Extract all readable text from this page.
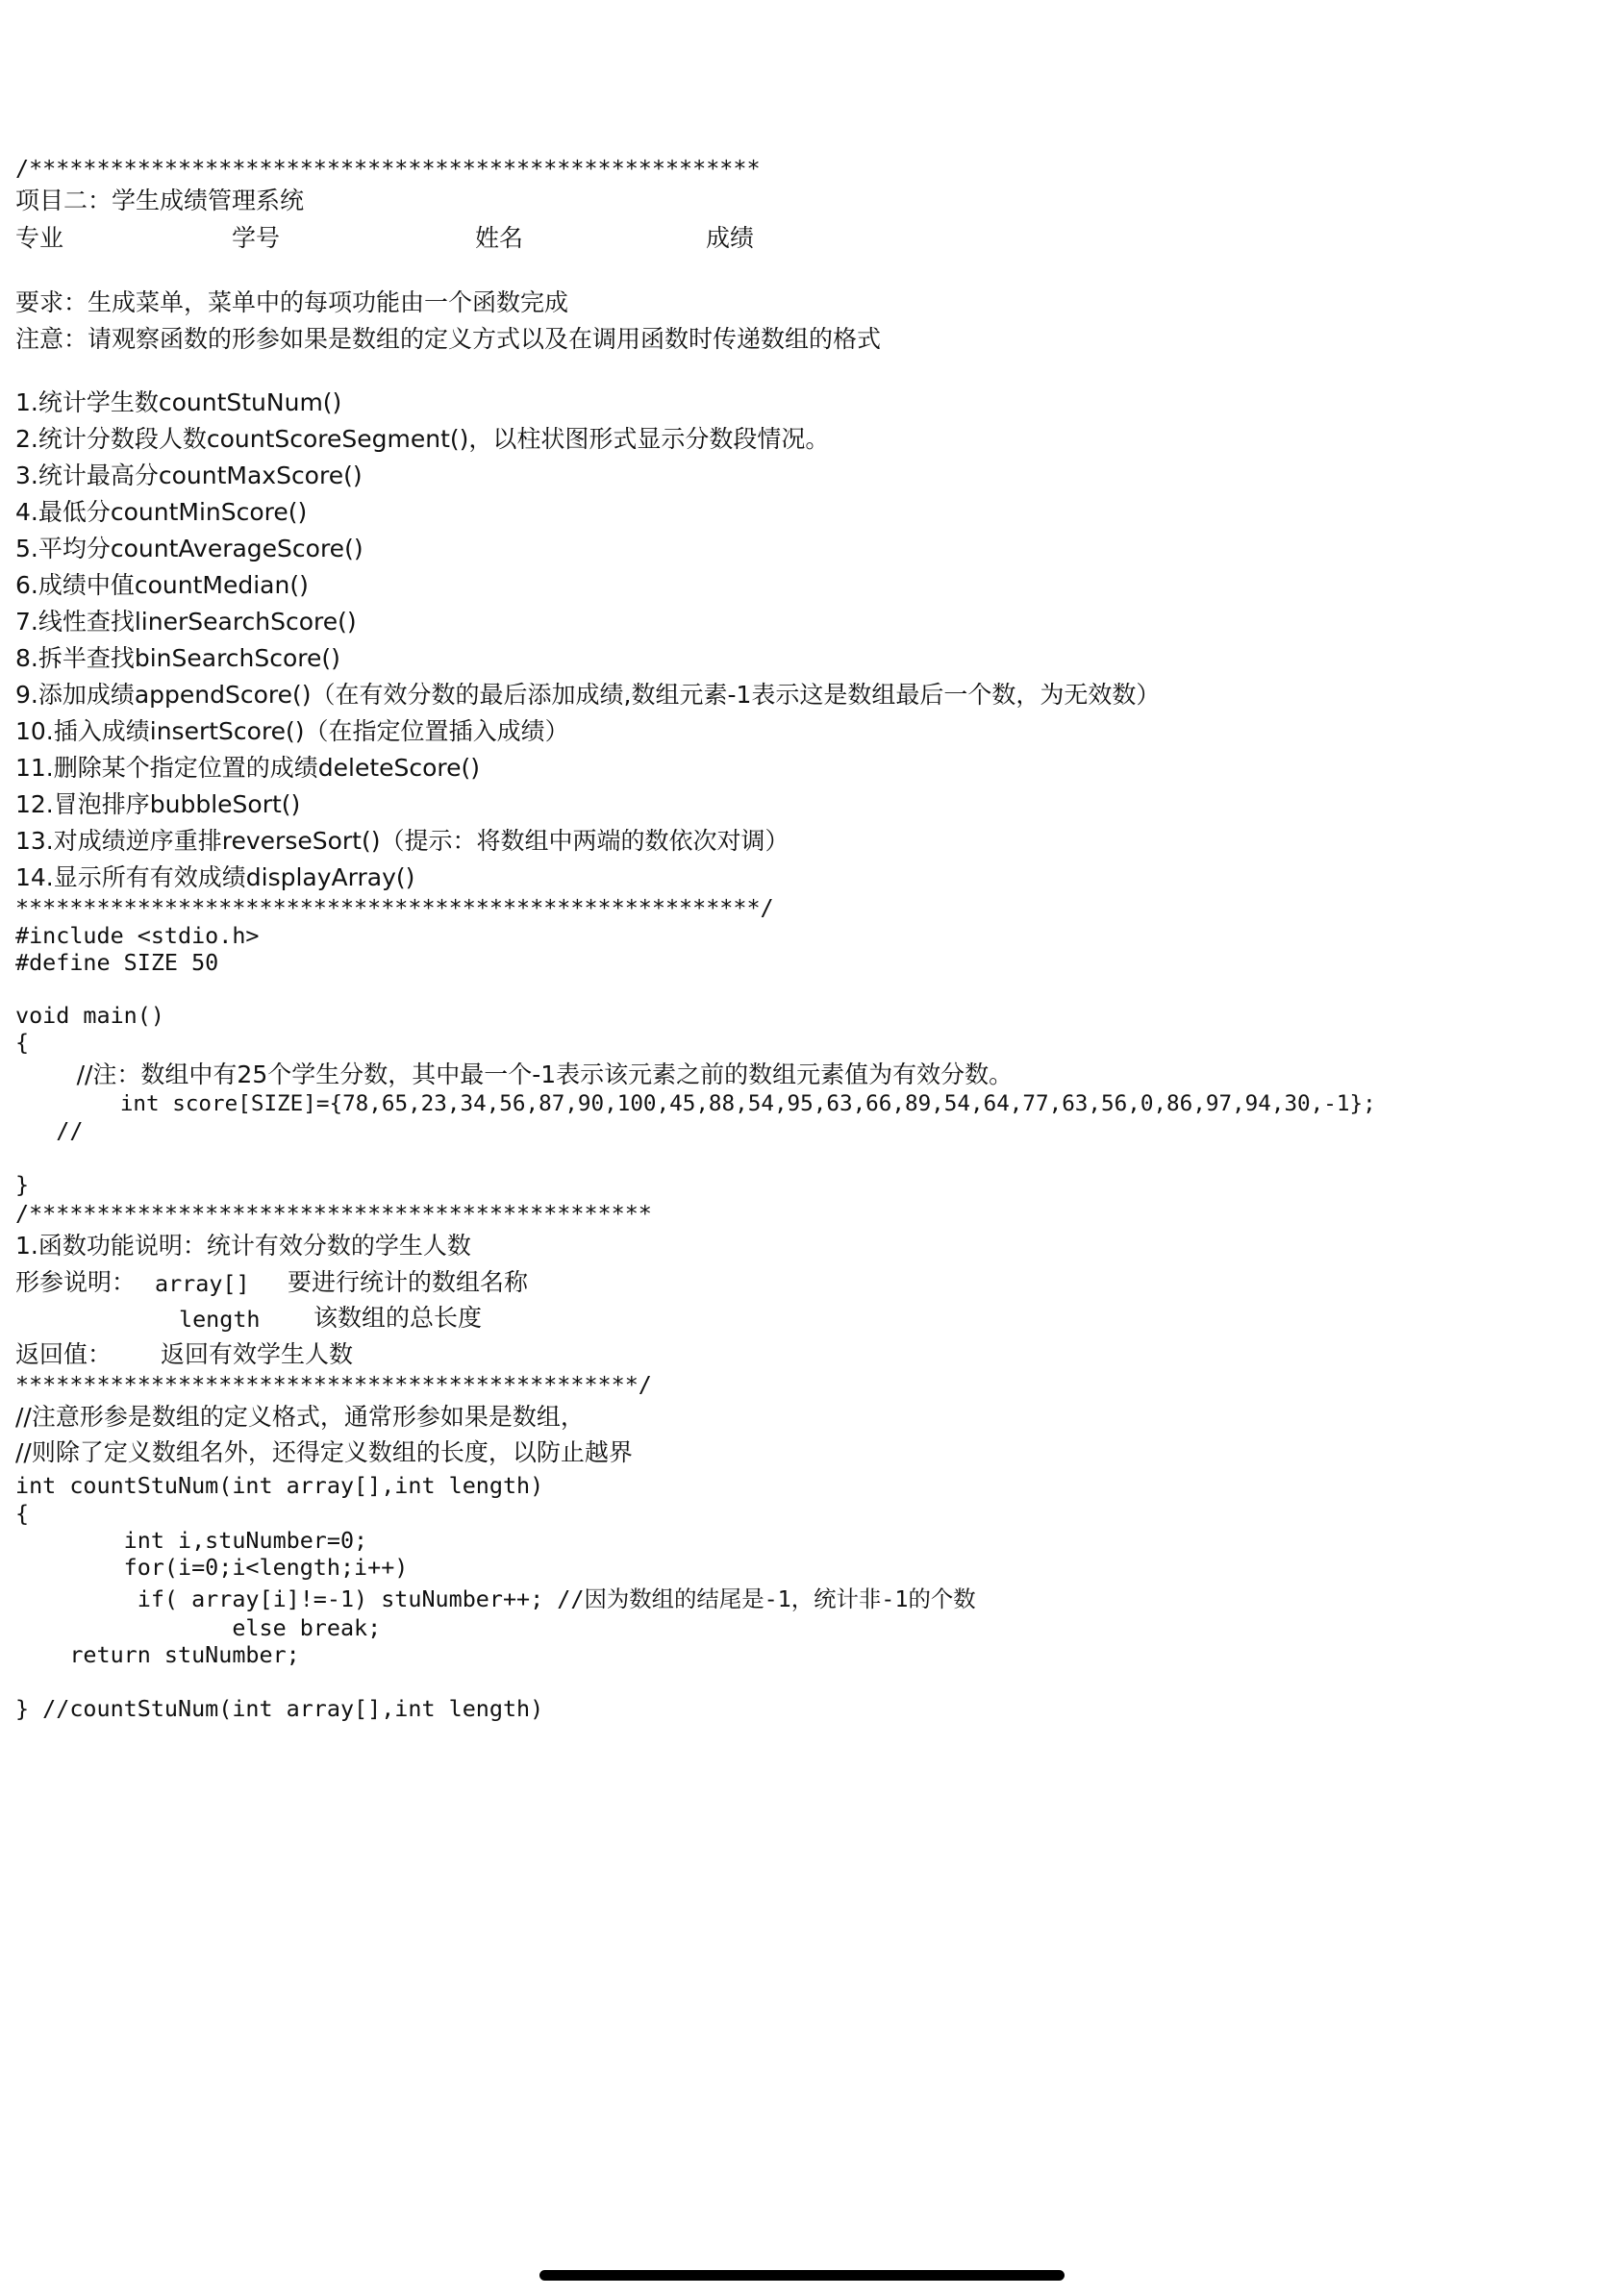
/******************************************************
项目二：学生成绩管理系统
专业	学号	姓名	成绩
要求：生成菜单，菜单中的每项功能由一个函数完成
注意：请观察函数的形参如果是数组的定义方式以及在调用函数时传递数组的格式
1.统计学生数countStuNum()
2.统计分数段人数countScoreSegment()，以柱状图形式显示分数段情况。
3.统计最高分countMaxScore()
4.最低分countMinScore()
5.平均分countAverageScore()
6.成绩中值countMedian()
7.线性查找linerSearchScore()
8.拆半查找binSearchScore()
9.添加成绩appendScore()（在有效分数的最后添加成绩,数组元素-1表示这是数组最后一个数，为无效数）
10.插入成绩insertScore()（在指定位置插入成绩）
11.删除某个指定位置的成绩deleteScore()
12.冒泡排序bubbleSort()
13.对成绩逆序重排reverseSort()（提示：将数组中两端的数依次对调）
14.显示所有有效成绩displayArray()
*******************************************************/
#include <stdio.h>
#define SIZE 50
void main()
{
//注：数组中有25个学生分数，其中最一个-1表示该元素之前的数组元素值为有效分数。
int score[SIZE]={78,65,23,34,56,87,90,100,45,88,54,95,63,66,89,54,64,77,63,56,0,86,97,94,30,-1};
//
}
/**********************************************
1.函数功能说明：统计有效分数的学生人数
形参说明： array[] 要进行统计的数组名称
length 该数组的总长度
返回值： 返回有效学生人数
**********************************************/
//注意形参是数组的定义格式，通常形参如果是数组，
//则除了定义数组名外，还得定义数组的长度，以防止越界
int countStuNum(int array[],int length)
{
int i,stuNumber=0;
for(i=0;i<length;i++)
if( array[i]!=-1) stuNumber++; //因为数组的结尾是-1，统计非-1的个数
else break;
return stuNumber;
} //countStuNum(int array[],int length)
